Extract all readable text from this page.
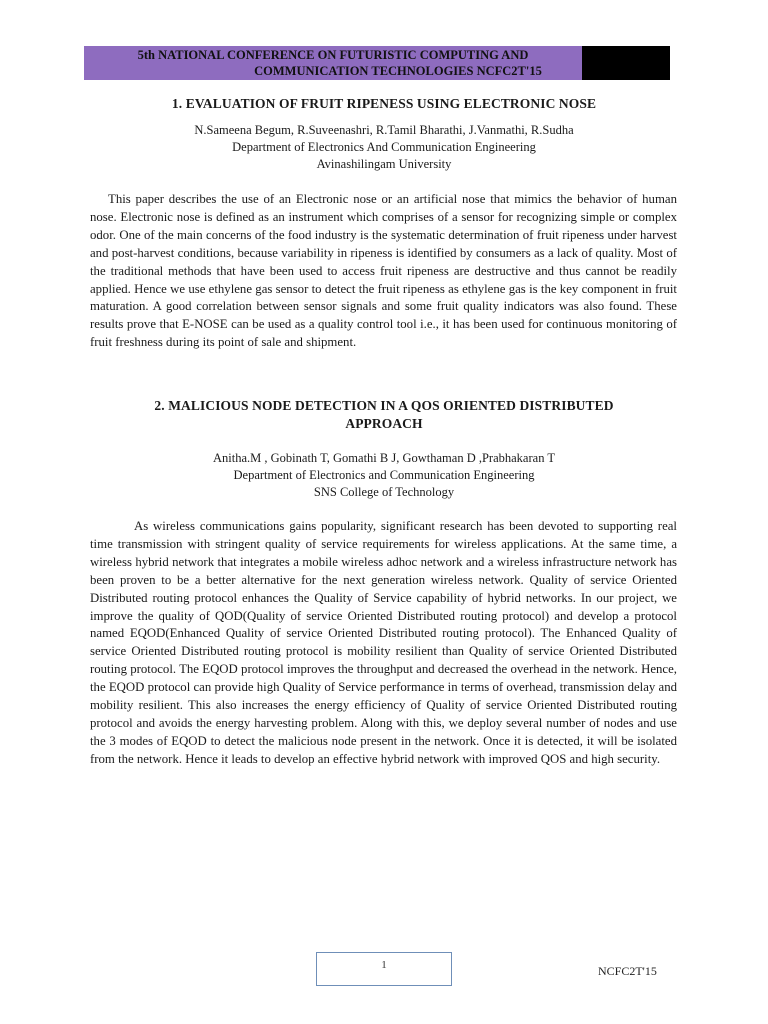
5th NATIONAL CONFERENCE ON FUTURISTIC COMPUTING AND
COMMUNICATION TECHNOLOGIES NCFC2T'15
1. EVALUATION OF FRUIT RIPENESS USING ELECTRONIC NOSE
N.Sameena Begum, R.Suveenashri, R.Tamil Bharathi, J.Vanmathi, R.Sudha
Department of Electronics And Communication Engineering
Avinashilingam University

This paper describes the use of an Electronic nose or an artificial nose that mimics the behavior of human nose. Electronic nose is defined as an instrument which comprises of a sensor for recognizing simple or complex odor. One of the main concerns of the food industry is the systematic determination of fruit ripeness under harvest and post-harvest conditions, because variability in ripeness is identified by consumers as a lack of quality. Most of the traditional methods that have been used to access fruit ripeness are destructive and thus cannot be readily applied. Hence we use ethylene gas sensor to detect the fruit ripeness as ethylene gas is the key component in fruit maturation. A good correlation between sensor signals and some fruit quality indicators was also found. These results prove that E-NOSE can be used as a quality control tool i.e., it has been used for continuous monitoring of fruit freshness during its point of sale and shipment.

2. MALICIOUS NODE DETECTION IN A QOS ORIENTED DISTRIBUTED
APPROACH
Anitha.M , Gobinath T, Gomathi B J, Gowthaman D ,Prabhakaran T
Department of Electronics and Communication Engineering
SNS College of Technology

As wireless communications gains popularity, significant research has been devoted to supporting real time transmission with stringent quality of service requirements for wireless applications. At the same time, a wireless hybrid network that integrates a mobile wireless adhoc network and a wireless infrastructure network has been proven to be a better alternative for the next generation wireless network. Quality of service Oriented Distributed routing protocol enhances the Quality of Service capability of hybrid networks. In our project, we improve the quality of QOD(Quality of service Oriented Distributed routing protocol) and develop a protocol named EQOD(Enhanced Quality of service Oriented Distributed routing protocol). The Enhanced Quality of service Oriented Distributed routing protocol is mobility resilient than Quality of service Oriented Distributed routing protocol. The EQOD protocol improves the throughput and decreased the overhead in the network. Hence, the EQOD protocol can provide high Quality of Service performance in terms of overhead, transmission delay and mobility resilient. This also increases the energy efficiency of Quality of service Oriented Distributed routing protocol and avoids the energy harvesting problem. Along with this, we deploy several number of nodes and use the 3 modes of EQOD to detect the malicious node present in the network. Once it is detected, it will be isolated from the network. Hence it leads to develop an effective hybrid network with improved QOS and high security.

1	NCFC2T'15
